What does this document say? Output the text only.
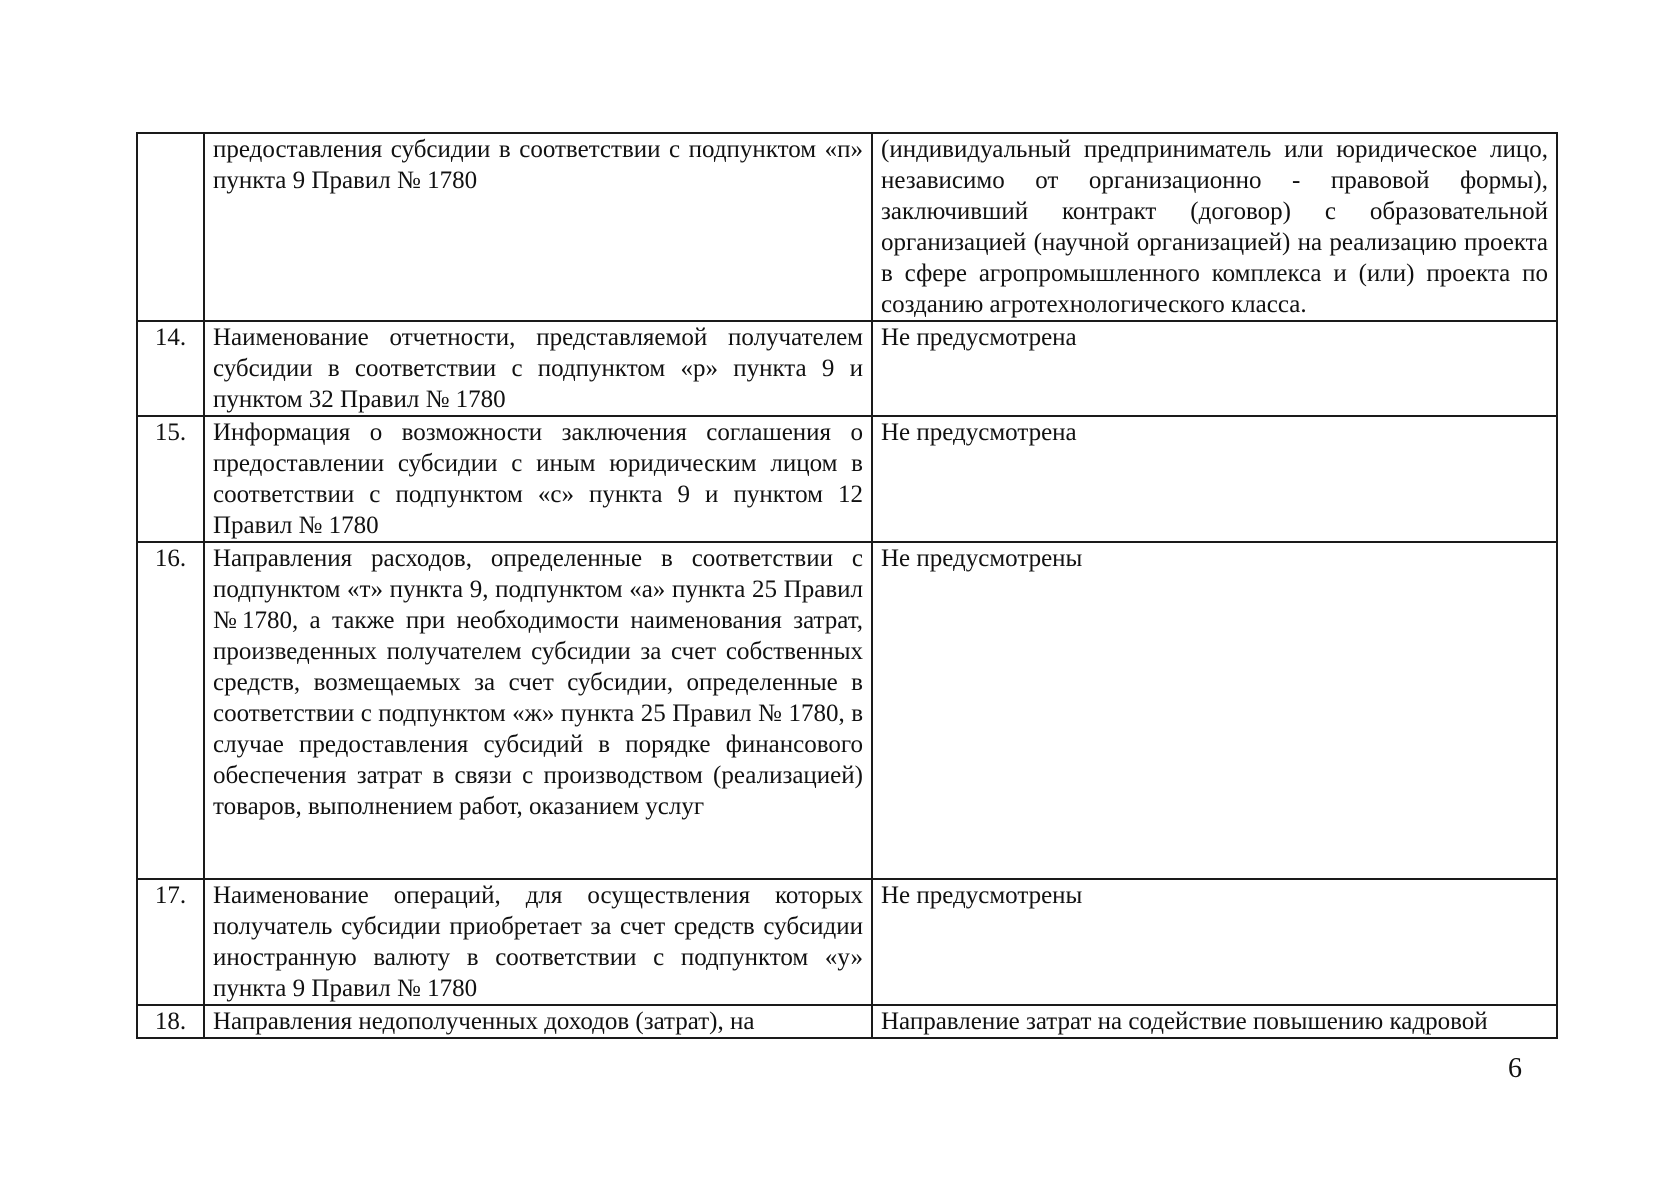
	предоставления субсидии в соответствии с подпунктом «п» пункта 9 Правил № 1780	(индивидуальный предприниматель или юридическое лицо, независимо от организационно - правовой формы), заключивший контракт (договор) с образовательной организацией (научной организацией) на реализацию проекта в сфере агропромышленного комплекса и (или) проекта по созданию агротехнологического класса.
14.	Наименование отчетности, представляемой получателем субсидии в соответствии с подпунктом «р» пункта 9 и пунктом 32 Правил № 1780	Не предусмотрена
15.	Информация о возможности заключения соглашения о предоставлении субсидии с иным юридическим лицом в соответствии с подпунктом «с» пункта 9 и пунктом 12 Правил № 1780	Не предусмотрена
16.	Направления расходов, определенные в соответствии с подпунктом «т» пункта 9, подпунктом «а» пункта 25 Правил №1780, а также при необходимости наименования затрат, произведенных получателем субсидии за счет собственных средств, возмещаемых за счет субсидии, определенные в соответствии с подпунктом «ж» пункта 25 Правил № 1780, в случае предоставления субсидий в порядке финансового обеспечения затрат в связи с производством (реализацией) товаров, выполнением работ, оказанием услуг	Не предусмотрены
17.	Наименование операций, для осуществления которых получатель субсидии приобретает за счет средств субсидии иностранную валюту в соответствии с подпунктом «у» пункта 9 Правил № 1780	Не предусмотрены
18.	Направления недополученных доходов (затрат), на	Направление затрат на содействие повышению кадровой
6
